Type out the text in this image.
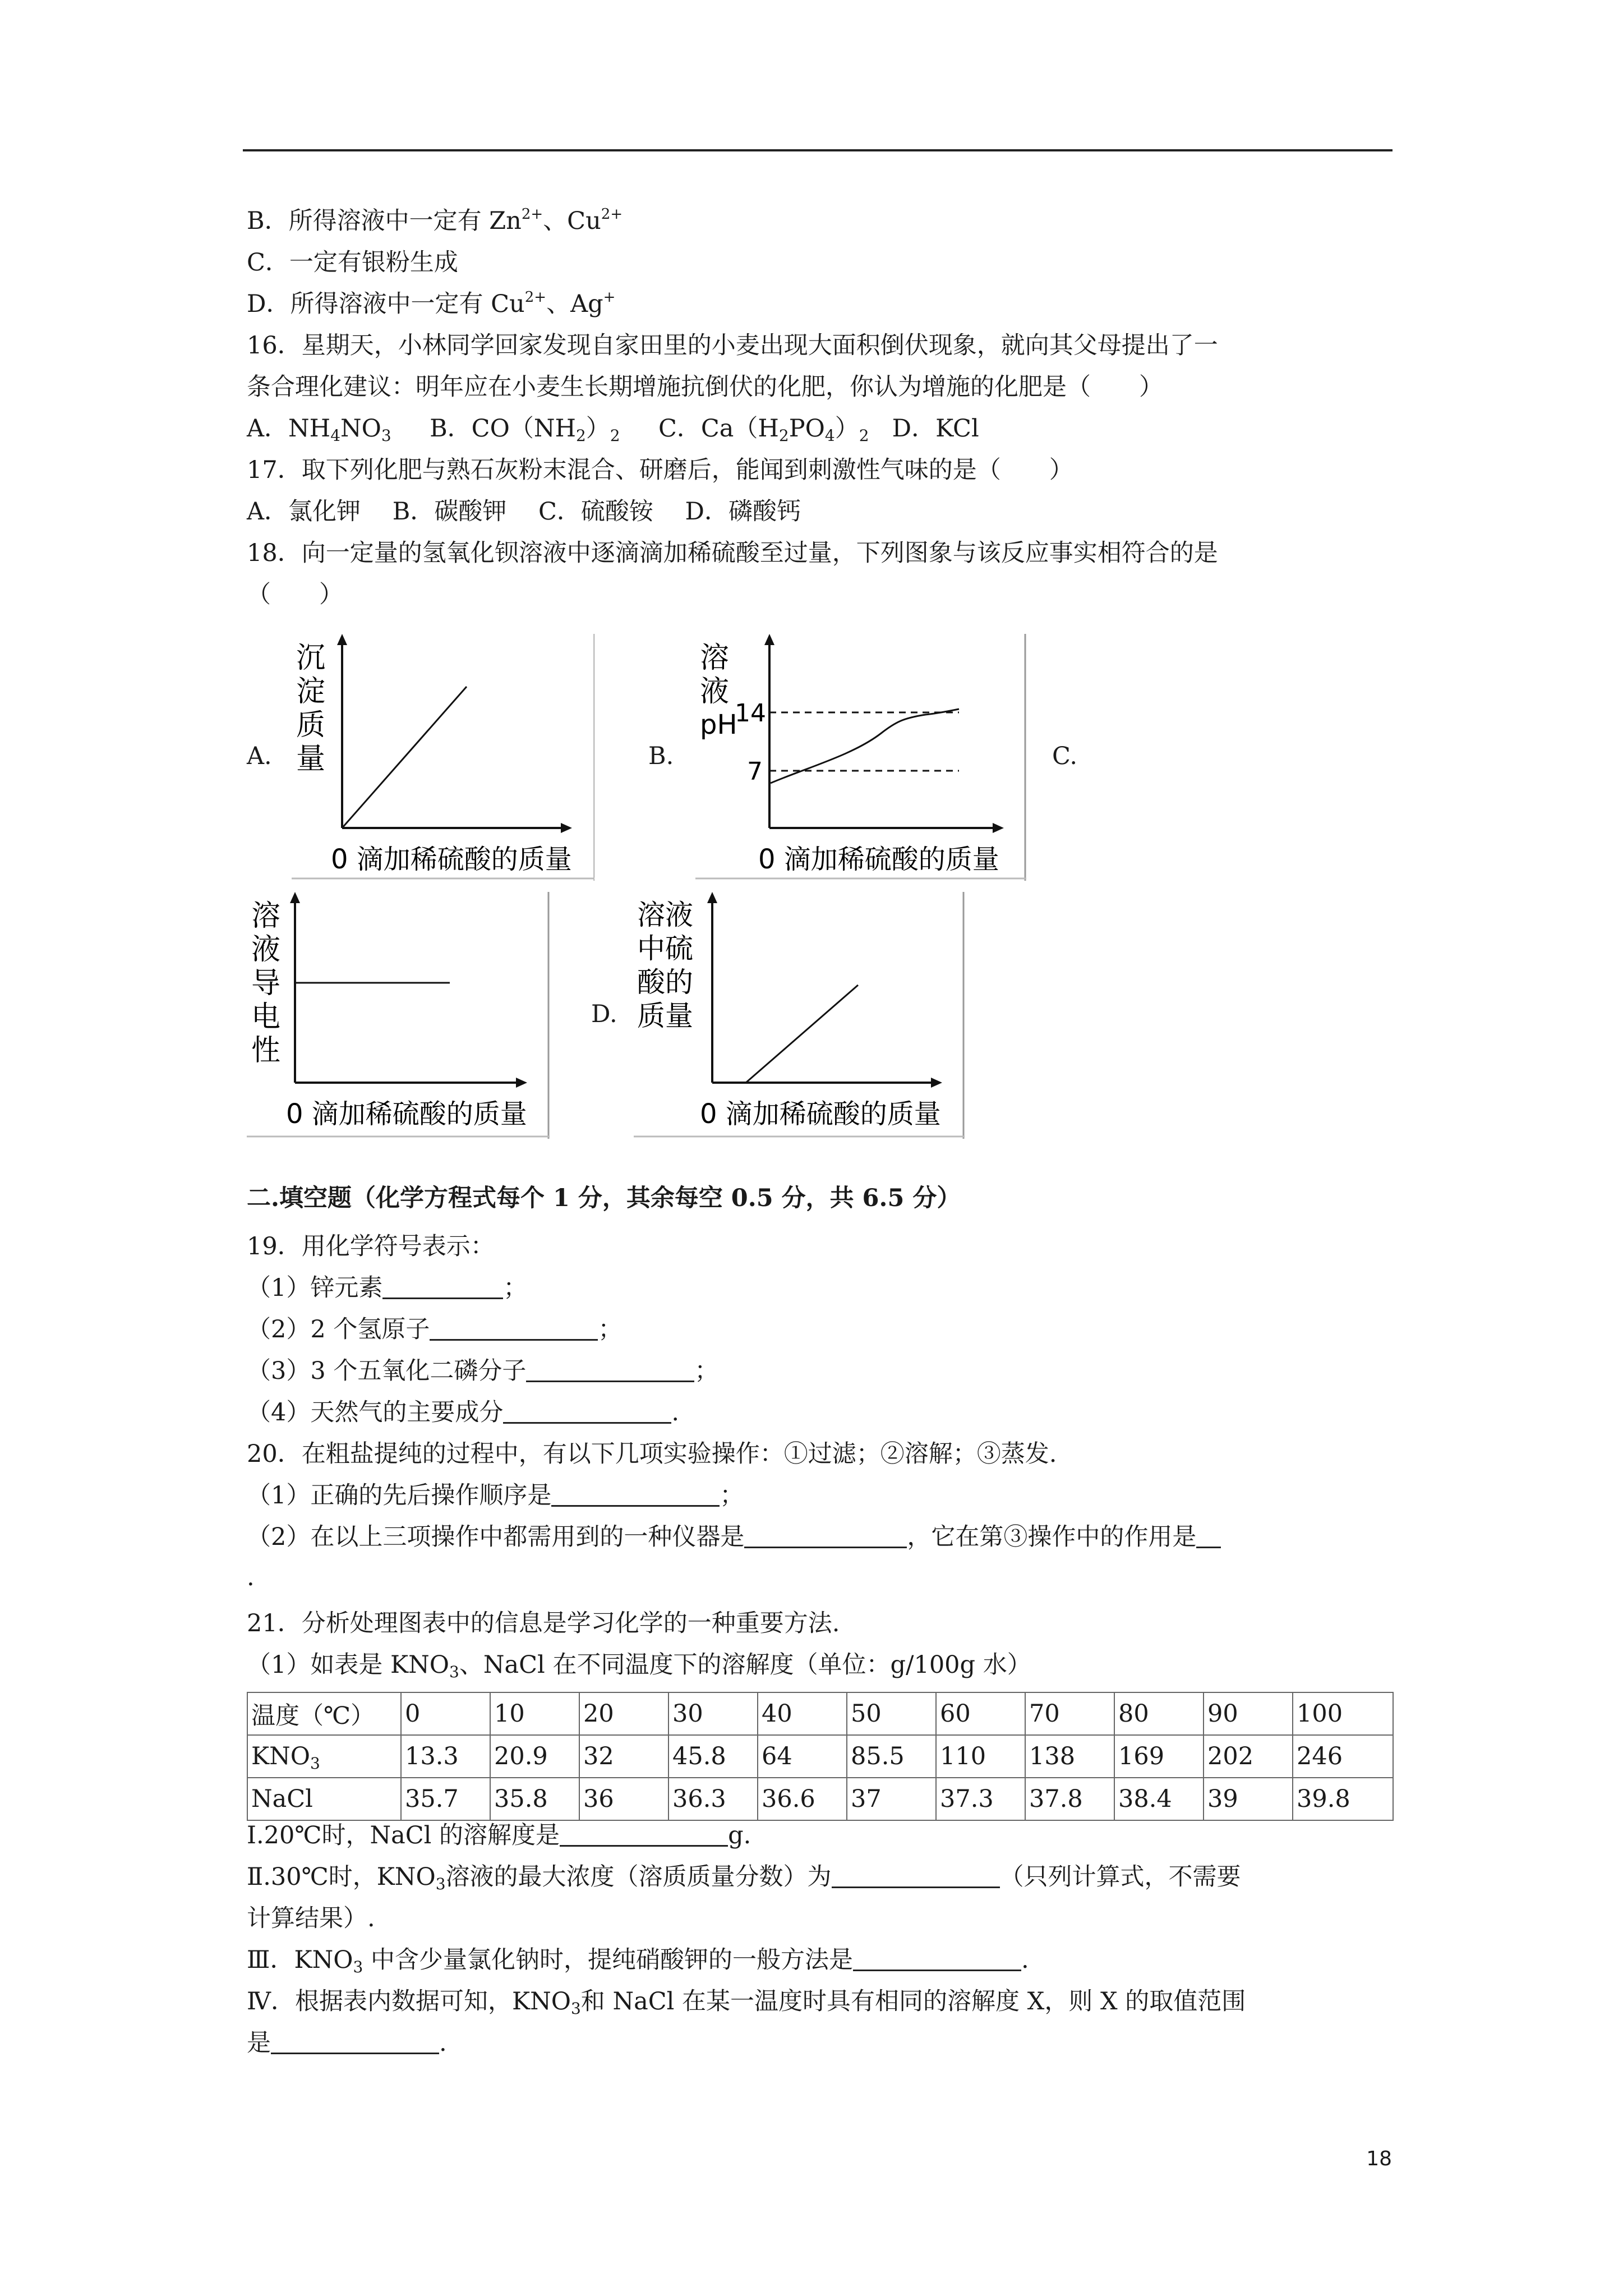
B．所得溶液中一定有 $Zn^{2+}$、$Cu^{2+}$
C．一定有银粉生成
D．所得溶液中一定有 $Cu^{2+}$、Ag+
16．星期天，小林同学回家发现自家田里的小麦出现大面积倒伏现象，就向其父母提出了一
条合理化建议：明年应在小麦生长期增施抗倒伏的化肥，你认为增施的化肥是（　　）
A．$NH_4NO_3$ B．$CO(NH_2)_2$ C．$Ca(H_2PO_4)_2$ D．KCl
17．取下列化肥与熟石灰粉末混合、研磨后，能闻到刺激性气味的是（　　）
A．氯化钾　 B．碳酸钾　 C．硫酸铵　 D．磷酸钙
18．向一定量的氢氧化钡溶液中逐滴滴加稀硫酸至过量，下列图象与该反应事实相符合的是
（　　）
A.	B.	C.
D.
沉
淀
质
量
0 滴加稀硫酸的质量
溶
液
pH
14
7
0 滴加稀硫酸的质量
溶
液
导
电
性
0 滴加稀硫酸的质量
溶液
中硫
酸的
质量
0 滴加稀硫酸的质量
二.填空题（化学方程式每个 1 分，其余每空 0.5 分，共 6.5 分）
19．用化学符号表示：
（1）锌元素	；
（2）2 个氢原子	；
（3）3 个五氧化二磷分子	；
（4）天然气的主要成分	.
20．在粗盐提纯的过程中，有以下几项实验操作：①过滤；②溶解；③蒸发.
（1）正确的先后操作顺序是	；
（2）在以上三项操作中都需用到的一种仪器是	，它在第③操作中的作用是
.
21．分析处理图表中的信息是学习化学的一种重要方法.
（1）如表是 $KNO_3$、NaCl 在不同温度下的溶解度（单位：g/100g 水）
温度（℃）	0	10	20	30	40	50	60	70	80	90	100
$KNO_3$	13.3	20.9	32	45.8	64	85.5	110	138	169	202	246
NaCl	35.7	35.8	36	36.3	36.6	37	37.3	37.8	38.4	39	39.8
Ⅰ.20℃时，NaCl 的溶解度是	g.
Ⅱ.30℃时，$KNO_3$溶液的最大浓度（溶质质量分数）为	（只列计算式，不需要
计算结果）.
Ⅲ．$KNO_3$ 中含少量氯化钠时，提纯硝酸钾的一般方法是	.
Ⅳ．根据表内数据可知，$KNO_3$和 NaCl 在某一温度时具有相同的溶解度 X，则 X 的取值范围
是	.
18
